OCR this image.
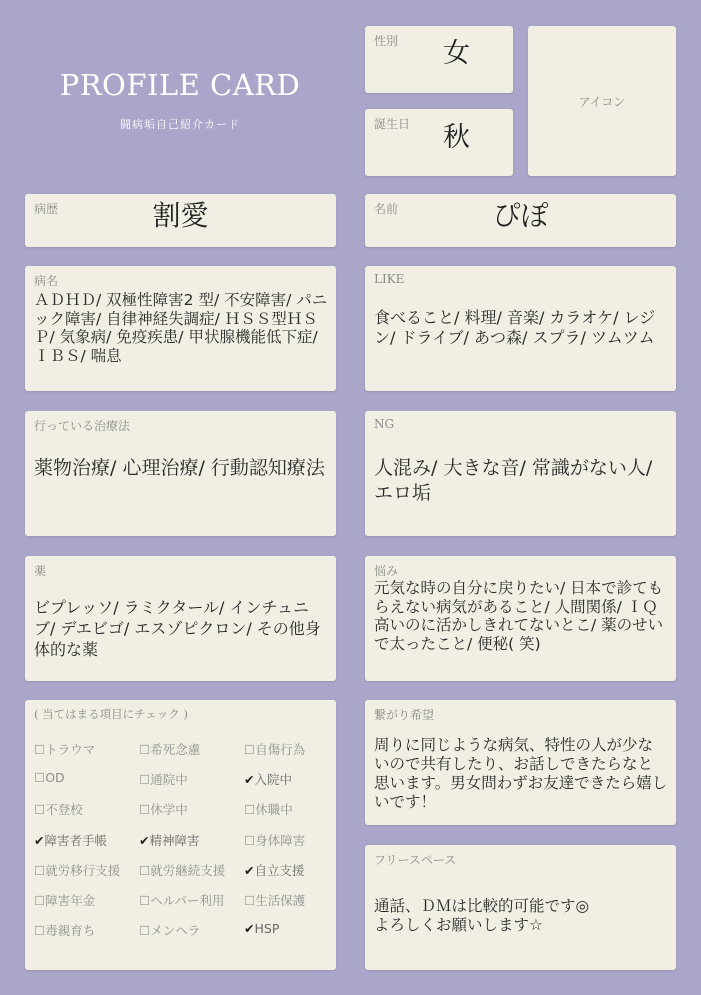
PROFILE CARD
闘病垢自己紹介カード
性別	女
誕生日	秋
アイコン
病歴	割愛	名前	ぴぽ
病名
ＡＤＨＤ/ 双極性障害2 型/ 不安障害/ パニック障害/ 自律神経失調症/ ＨＳＳ型ＨＳＰ/ 気象病/ 免疫疾患/ 甲状腺機能低下症/ ＩＢＳ/ 喘息
LIKE
食べること/ 料理/ 音楽/ カラオケ/ レジン/ ドライブ/ あつ森/ スプラ/ ツムツム
行っている治療法
薬物治療/ 心理治療/ 行動認知療法
NG
人混み/ 大きな音/ 常識がない人/ エロ垢
薬
ビプレッソ/ ラミクタール/ インチュニブ/ デエビゴ/ エスゾピクロン/ その他身体的な薬
悩み
元気な時の自分に戻りたい/ 日本で診てもらえない病気があること/ 人間関係/ ＩＱ高いのに活かしきれてないとこ/ 薬のせいで太ったこと/ 便秘( 笑)
( 当てはまる項目にチェック )
☐トラウマ	☐希死念慮	☐自傷行為
☐OD	☐通院中	✔入院中
☐不登校	☐休学中	☐休職中
✔障害者手帳	✔精神障害	☐身体障害
☐就労移行支援 ☐就労継続支援 ✔自立支援
☐障害年金	☐ヘルパー利用 ☐生活保護
☐毒親育ち	☐メンヘラ	✔HSP
繋がり希望
周りに同じような病気、特性の人が少ないので共有したり、お話しできたらなと思います。男女問わずお友達できたら嬉しいです！
フリースペース
通話、ＤＭは比較的可能です◎
よろしくお願いします☆
